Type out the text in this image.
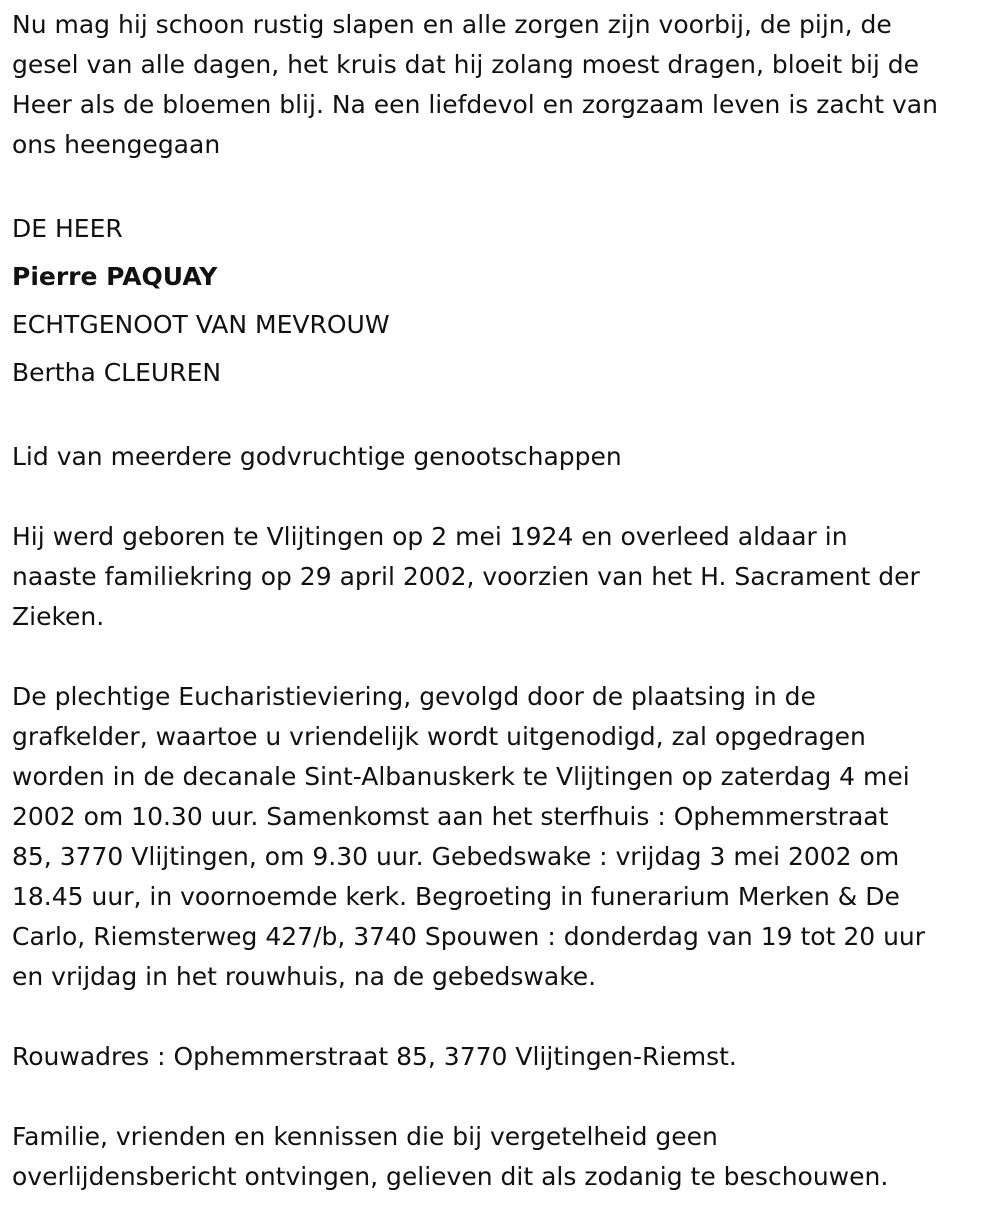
Nu mag hij schoon rustig slapen en alle zorgen zijn voorbij, de pijn, de
gesel van alle dagen, het kruis dat hij zolang moest dragen, bloeit bij de
Heer als de bloemen blij. Na een liefdevol en zorgzaam leven is zacht van
ons heengegaan

DE HEER
Pierre PAQUAY
ECHTGENOOT VAN MEVROUW
Bertha CLEUREN

Lid van meerdere godvruchtige genootschappen

Hij werd geboren te Vlijtingen op 2 mei 1924 en overleed aldaar in
naaste familiekring op 29 april 2002, voorzien van het H. Sacrament der
Zieken.

De plechtige Eucharistieviering, gevolgd door de plaatsing in de
grafkelder, waartoe u vriendelijk wordt uitgenodigd, zal opgedragen
worden in de decanale Sint-Albanuskerk te Vlijtingen op zaterdag 4 mei
2002 om 10.30 uur. Samenkomst aan het sterfhuis : Ophemmerstraat
85, 3770 Vlijtingen, om 9.30 uur. Gebedswake : vrijdag 3 mei 2002 om
18.45 uur, in voornoemde kerk. Begroeting in funerarium Merken & De
Carlo, Riemsterweg 427/b, 3740 Spouwen : donderdag van 19 tot 20 uur
en vrijdag in het rouwhuis, na de gebedswake.

Rouwadres : Ophemmerstraat 85, 3770 Vlijtingen-Riemst.

Familie, vrienden en kennissen die bij vergetelheid geen
overlijdensbericht ontvingen, gelieven dit als zodanig te beschouwen.
